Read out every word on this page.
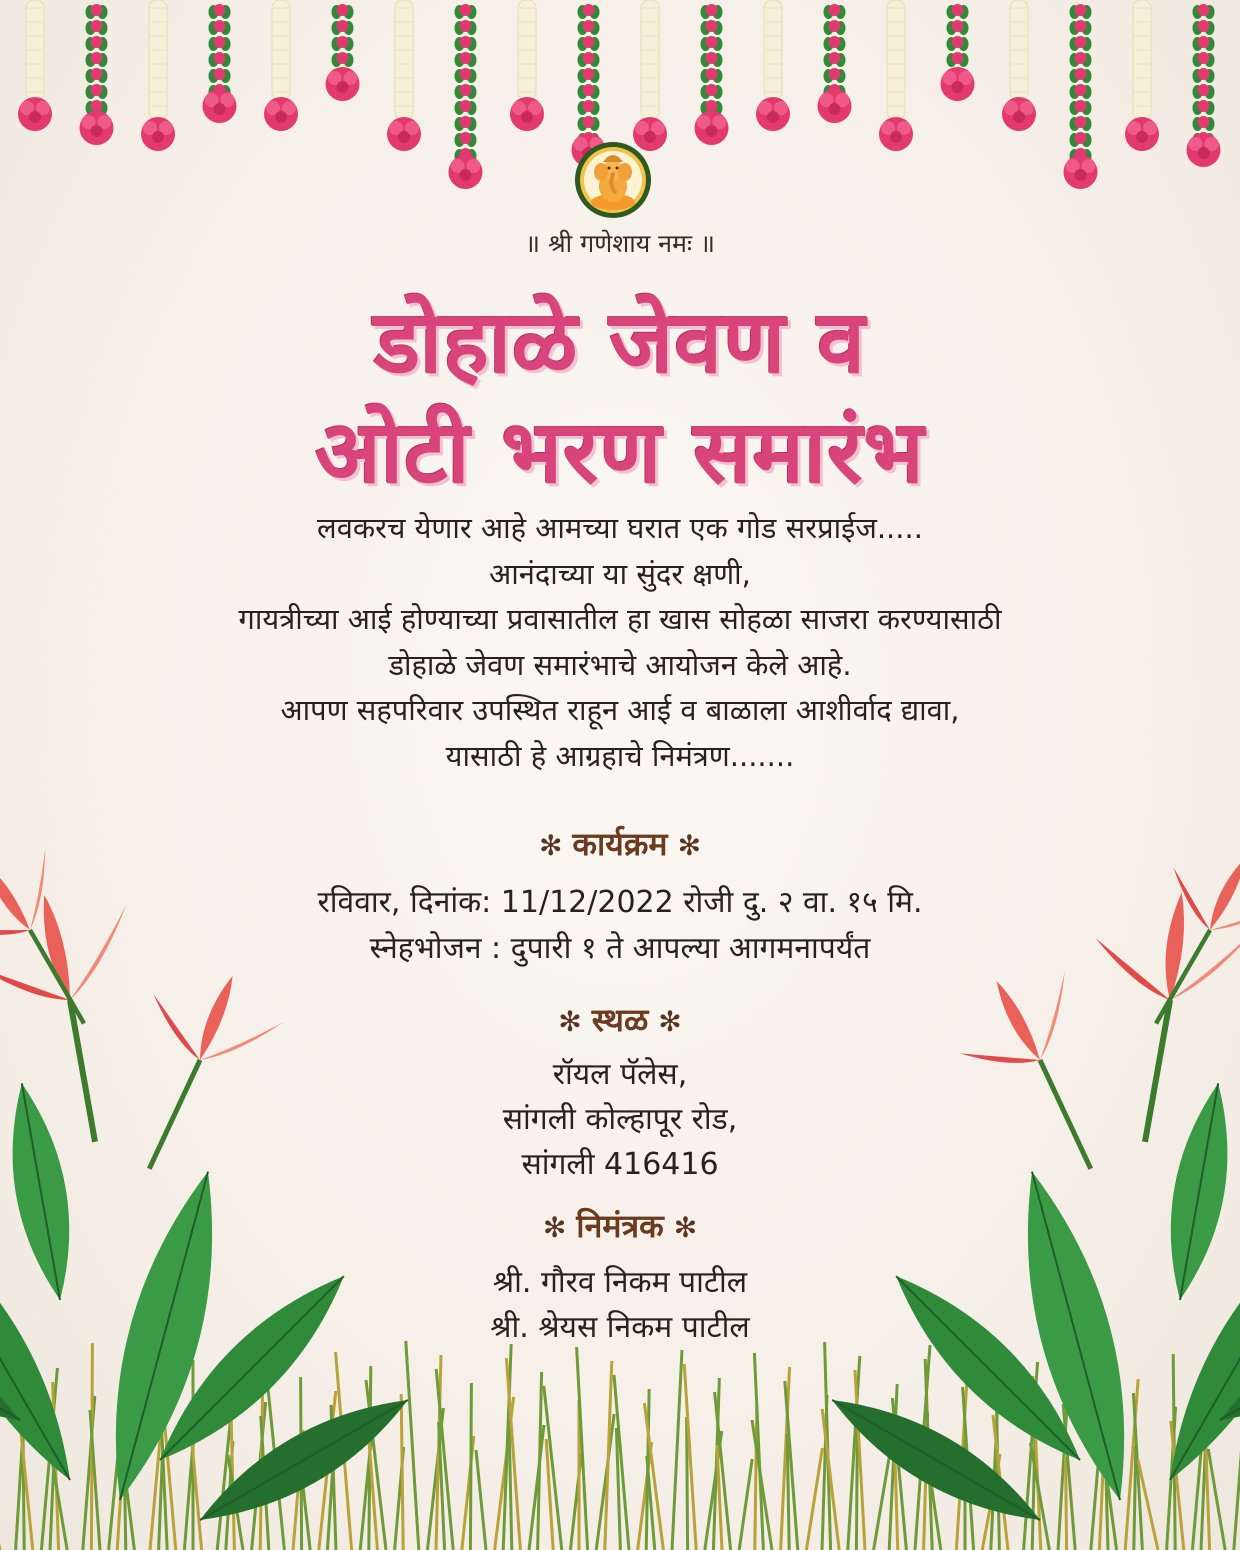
॥ श्री गणेशाय नमः ॥
डोहाळे जेवण व
ओटी भरण समारंभ
लवकरच येणार आहे आमच्या घरात एक गोड सरप्राईज.....
आनंदाच्या या सुंदर क्षणी,
गायत्रीच्या आई होण्याच्या प्रवासातील हा खास सोहळा साजरा करण्यासाठी
डोहाळे जेवण समारंभाचे आयोजन केले आहे.
आपण सहपरिवार उपस्थित राहून आई व बाळाला आशीर्वाद द्यावा,
यासाठी हे आग्रहाचे निमंत्रण.......
✻ कार्यक्रम ✻
रविवार, दिनांक: 11/12/2022 रोजी दु. २ वा. १५ मि.
स्नेहभोजन : दुपारी १ ते आपल्या आगमनापर्यंत
✻ स्थळ ✻
रॉयल पॅलेस,
सांगली कोल्हापूर रोड,
सांगली 416416
✻ निमंत्रक ✻
श्री. गौरव निकम पाटील
श्री. श्रेयस निकम पाटील
